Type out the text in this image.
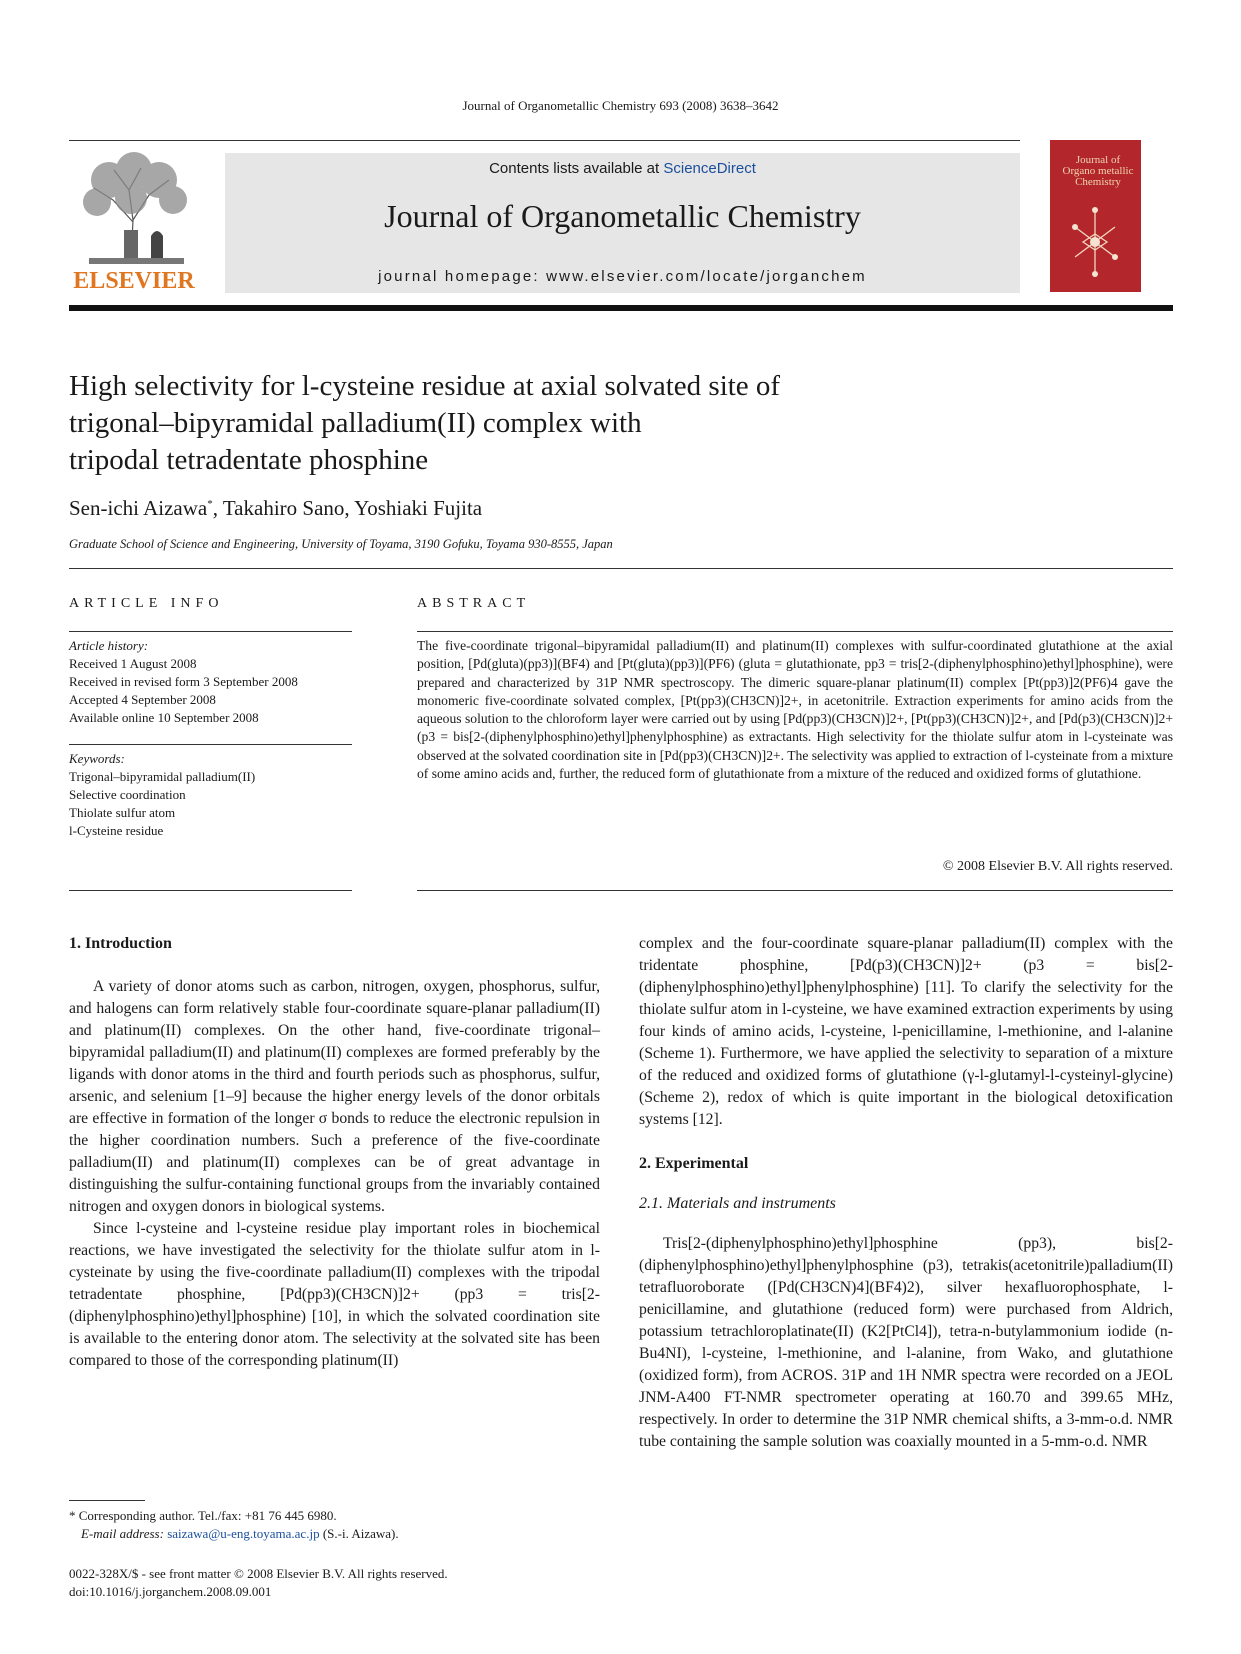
Journal of Organometallic Chemistry 693 (2008) 3638–3642
ELSEVIER
Contents lists available at ScienceDirect
Journal of Organometallic Chemistry
journal homepage: www.elsevier.com/locate/jorganchem
Journal of Organo metallic Chemistry
High selectivity for l-cysteine residue at axial solvated site of
trigonal–bipyramidal palladium(II) complex with
tripodal tetradentate phosphine
Sen-ichi Aizawa*, Takahiro Sano, Yoshiaki Fujita
Graduate School of Science and Engineering, University of Toyama, 3190 Gofuku, Toyama 930-8555, Japan
ARTICLE INFO	ABSTRACT
Article history:
Received 1 August 2008
Received in revised form 3 September 2008
Accepted 4 September 2008
Available online 10 September 2008
Keywords:
Trigonal–bipyramidal palladium(II)
Selective coordination
Thiolate sulfur atom
l-Cysteine residue
The five-coordinate trigonal–bipyramidal palladium(II) and platinum(II) complexes with sulfur-coordinated glutathione at the axial position, [Pd(gluta)(pp3)](BF4) and [Pt(gluta)(pp3)](PF6) (gluta = glutathionate, pp3 = tris[2-(diphenylphosphino)ethyl]phosphine), were prepared and characterized by 31P NMR spectroscopy. The dimeric square-planar platinum(II) complex [Pt(pp3)]2(PF6)4 gave the monomeric five-coordinate solvated complex, [Pt(pp3)(CH3CN)]2+, in acetonitrile. Extraction experiments for amino acids from the aqueous solution to the chloroform layer were carried out by using [Pd(pp3)(CH3CN)]2+, [Pt(pp3)(CH3CN)]2+, and [Pd(p3)(CH3CN)]2+ (p3 = bis[2-(diphenylphosphino)ethyl]phenylphosphine) as extractants. High selectivity for the thiolate sulfur atom in l-cysteinate was observed at the solvated coordination site in [Pd(pp3)(CH3CN)]2+. The selectivity was applied to extraction of l-cysteinate from a mixture of some amino acids and, further, the reduced form of glutathionate from a mixture of the reduced and oxidized forms of glutathione.
© 2008 Elsevier B.V. All rights reserved.
1. Introduction

A variety of donor atoms such as carbon, nitrogen, oxygen, phosphorus, sulfur, and halogens can form relatively stable four-coordinate square-planar palladium(II) and platinum(II) complexes. On the other hand, five-coordinate trigonal–bipyramidal palladium(II) and platinum(II) complexes are formed preferably by the ligands with donor atoms in the third and fourth periods such as phosphorus, sulfur, arsenic, and selenium [1–9] because the higher energy levels of the donor orbitals are effective in formation of the longer σ bonds to reduce the electronic repulsion in the higher coordination numbers. Such a preference of the five-coordinate palladium(II) and platinum(II) complexes can be of great advantage in distinguishing the sulfur-containing functional groups from the invariably contained nitrogen and oxygen donors in biological systems.

Since l-cysteine and l-cysteine residue play important roles in biochemical reactions, we have investigated the selectivity for the thiolate sulfur atom in l-cysteinate by using the five-coordinate palladium(II) complexes with the tripodal tetradentate phosphine, [Pd(pp3)(CH3CN)]2+ (pp3 = tris[2-(diphenylphosphino)ethyl]phosphine) [10], in which the solvated coordination site is available to the entering donor atom. The selectivity at the solvated site has been compared to those of the corresponding platinum(II)

complex and the four-coordinate square-planar palladium(II) complex with the tridentate phosphine, [Pd(p3)(CH3CN)]2+ (p3 = bis[2-(diphenylphosphino)ethyl]phenylphosphine) [11]. To clarify the selectivity for the thiolate sulfur atom in l-cysteine, we have examined extraction experiments by using four kinds of amino acids, l-cysteine, l-penicillamine, l-methionine, and l-alanine (Scheme 1). Furthermore, we have applied the selectivity to separation of a mixture of the reduced and oxidized forms of glutathione (γ-l-glutamyl-l-cysteinyl-glycine) (Scheme 2), redox of which is quite important in the biological detoxification systems [12].

2. Experimental
2.1. Materials and instruments

Tris[2-(diphenylphosphino)ethyl]phosphine (pp3), bis[2-(diphenylphosphino)ethyl]phenylphosphine (p3), tetrakis(acetonitrile)palladium(II) tetrafluoroborate ([Pd(CH3CN)4](BF4)2), silver hexafluorophosphate, l-penicillamine, and glutathione (reduced form) were purchased from Aldrich, potassium tetrachloroplatinate(II) (K2[PtCl4]), tetra-n-butylammonium iodide (n-Bu4NI), l-cysteine, l-methionine, and l-alanine, from Wako, and glutathione (oxidized form), from ACROS. 31P and 1H NMR spectra were recorded on a JEOL JNM-A400 FT-NMR spectrometer operating at 160.70 and 399.65 MHz, respectively. In order to determine the 31P NMR chemical shifts, a 3-mm-o.d. NMR tube containing the sample solution was coaxially mounted in a 5-mm-o.d. NMR

* Corresponding author. Tel./fax: +81 76 445 6980.
E-mail address: saizawa@u-eng.toyama.ac.jp (S.-i. Aizawa).
0022-328X/$ - see front matter © 2008 Elsevier B.V. All rights reserved.
doi:10.1016/j.jorganchem.2008.09.001
